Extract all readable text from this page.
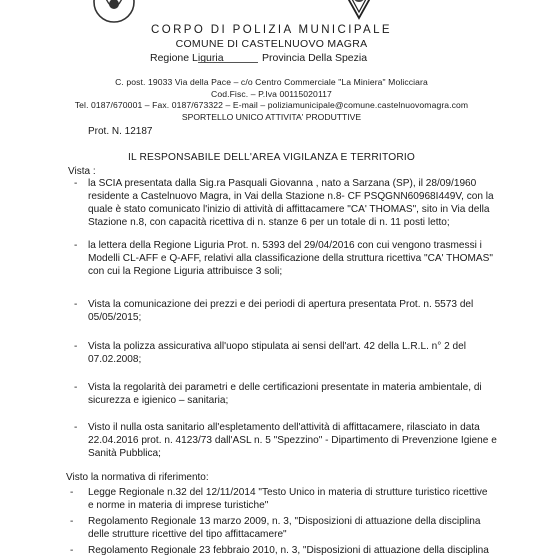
CORPO DI POLIZIA MUNICIPALE
COMUNE DI CASTELNUOVO MAGRA
Regione Liguria	Provincia Della Spezia
C. post. 19033 Via della Pace – c/o Centro Commerciale "La Miniera" Molicciara
Cod.Fisc. – P.Iva 00115020117
Tel. 0187/670001 – Fax. 0187/673322 – E-mail – poliziamunicipale@comune.castelnuovomagra.com
SPORTELLO UNICO ATTIVITA' PRODUTTIVE
Prot. N. 12187
IL RESPONSABILE DELL'AREA VIGILANZA E TERRITORIO
Vista :
- la SCIA presentata dalla Sig.ra Pasquali Giovanna , nato a Sarzana (SP), il 28/09/1960
residente a Castelnuovo Magra, in Vai della Stazione n.8- CF PSQGNN60968I449V, con la
quale è stato comunicato l'inizio di attività di affittacamere "CA' THOMAS", sito in Via della
Stazione n.8, con capacità ricettiva di n. stanze 6 per un totale di n. 11 posti letto;
- la lettera della Regione Liguria Prot. n. 5393 del 29/04/2016 con cui vengono trasmessi i
Modelli CL-AFF e Q-AFF, relativi alla classificazione della struttura ricettiva "CA' THOMAS"
con cui la Regione Liguria attribuisce 3 soli;
- Vista la comunicazione dei prezzi e dei periodi di apertura presentata Prot. n. 5573 del
05/05/2015;
- Vista la polizza assicurativa all'uopo stipulata ai sensi dell'art. 42 della L.R.L. n° 2 del
07.02.2008;
- Vista la regolarità dei parametri e delle certificazioni presentate in materia ambientale, di
sicurezza e igienico – sanitaria;
- Visto il nulla osta sanitario all'espletamento dell'attività di affittacamere, rilasciato in data
22.04.2016 prot. n. 4123/73 dall'ASL n. 5 "Spezzino" - Dipartimento di Prevenzione Igiene e
Sanità Pubblica;
Visto la normativa di riferimento:
- Legge Regionale n.32 del 12/11/2014 "Testo Unico in materia di strutture turistico ricettive
e norme in materia di imprese turistiche"
- Regolamento Regionale 13 marzo 2009, n. 3, "Disposizioni di attuazione della disciplina
delle strutture ricettive del tipo affittacamere"
- Regolamento Regionale 23 febbraio 2010, n. 3, "Disposizioni di attuazione della disciplina
